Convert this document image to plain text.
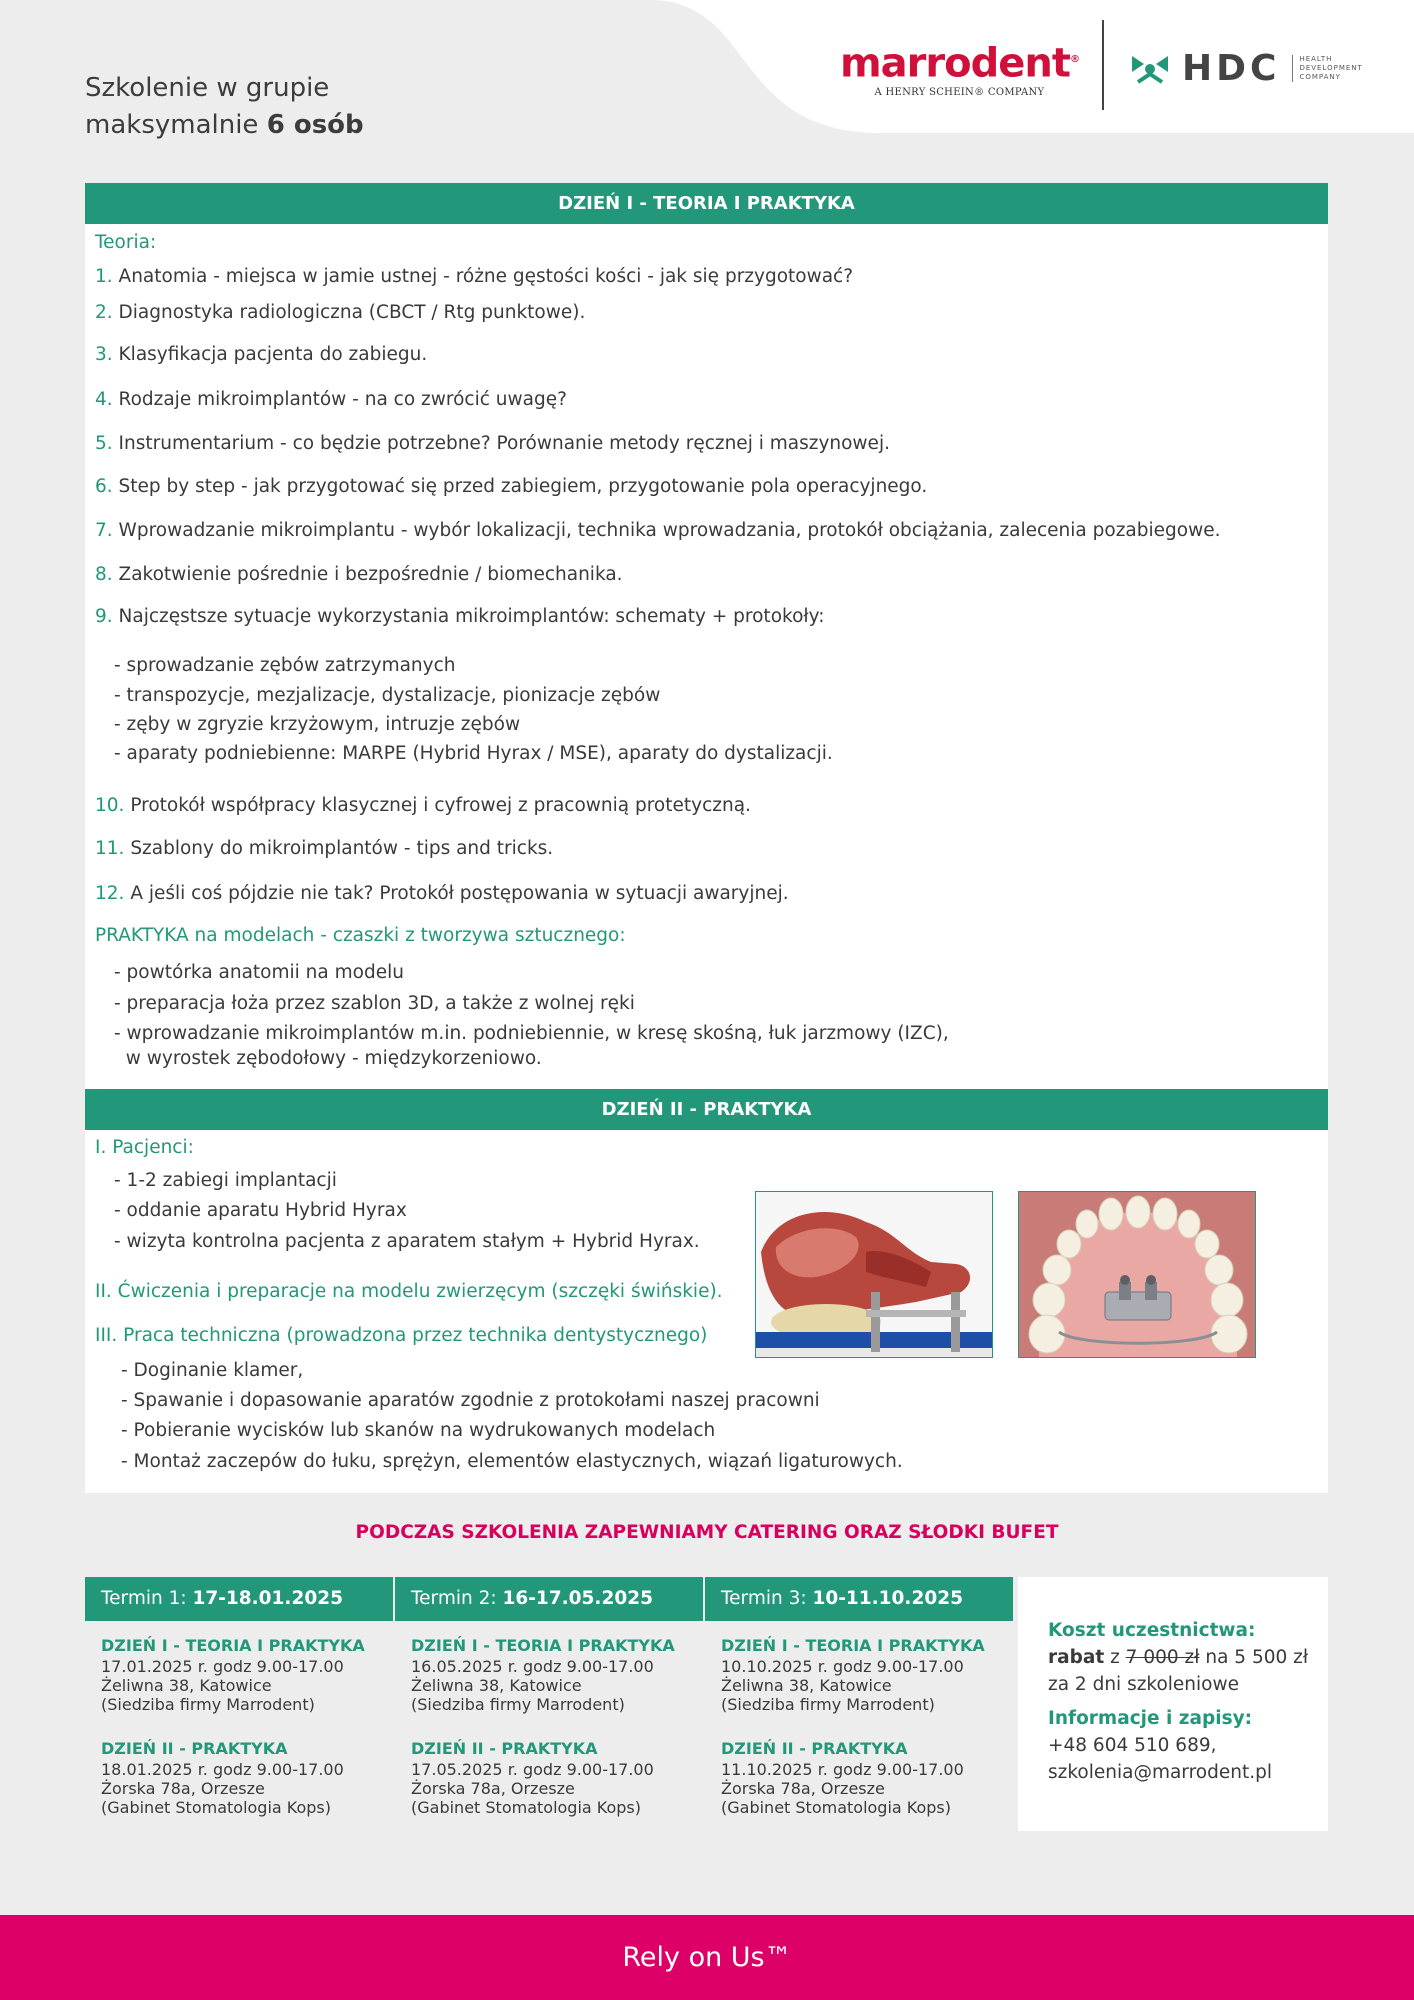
Szkolenie w grupie
maksymalnie 6 osób
marrodent®
A HENRY SCHEIN® COMPANY
HDC	HEALTH
DEVELOPMENT
COMPANY
DZIEŃ I - TEORIA I PRAKTYKA
Teoria:
1. Anatomia - miejsca w jamie ustnej - różne gęstości kości - jak się przygotować?
2. Diagnostyka radiologiczna (CBCT / Rtg punktowe).
3. Klasyfikacja pacjenta do zabiegu.
4. Rodzaje mikroimplantów - na co zwrócić uwagę?
5. Instrumentarium - co będzie potrzebne? Porównanie metody ręcznej i maszynowej.
6. Step by step - jak przygotować się przed zabiegiem, przygotowanie pola operacyjnego.
7. Wprowadzanie mikroimplantu - wybór lokalizacji, technika wprowadzania, protokół obciążania, zalecenia pozabiegowe.
8. Zakotwienie pośrednie i bezpośrednie / biomechanika.
9. Najczęstsze sytuacje wykorzystania mikroimplantów: schematy + protokoły:
- sprowadzanie zębów zatrzymanych
- transpozycje, mezjalizacje, dystalizacje, pionizacje zębów
- zęby w zgryzie krzyżowym, intruzje zębów
- aparaty podniebienne: MARPE (Hybrid Hyrax / MSE), aparaty do dystalizacji.
10. Protokół współpracy klasycznej i cyfrowej z pracownią protetyczną.
11. Szablony do mikroimplantów - tips and tricks.
12. A jeśli coś pójdzie nie tak? Protokół postępowania w sytuacji awaryjnej.
PRAKTYKA na modelach - czaszki z tworzywa sztucznego:
- powtórka anatomii na modelu
- preparacja łoża przez szablon 3D, a także z wolnej ręki
- wprowadzanie mikroimplantów m.in. podniebiennie, w kresę skośną, łuk jarzmowy (IZC),
w wyrostek zębodołowy - międzykorzeniowo.
DZIEŃ II - PRAKTYKA
I. Pacjenci:
- 1-2 zabiegi implantacji
- oddanie aparatu Hybrid Hyrax
- wizyta kontrolna pacjenta z aparatem stałym + Hybrid Hyrax.
II. Ćwiczenia i preparacje na modelu zwierzęcym (szczęki świńskie).
III. Praca techniczna (prowadzona przez technika dentystycznego)
- Doginanie klamer,
- Spawanie i dopasowanie aparatów zgodnie z protokołami naszej pracowni
- Pobieranie wycisków lub skanów na wydrukowanych modelach
- Montaż zaczepów do łuku, sprężyn, elementów elastycznych, wiązań ligaturowych.
PODCZAS SZKOLENIA ZAPEWNIAMY CATERING ORAZ SŁODKI BUFET
Termin 1: 17-18.01.2025
DZIEŃ I - TEORIA I PRAKTYKA
17.01.2025 r. godz 9.00-17.00
Żeliwna 38, Katowice
(Siedziba firmy Marrodent)
DZIEŃ II - PRAKTYKA
18.01.2025 r. godz 9.00-17.00
Żorska 78a, Orzesze
(Gabinet Stomatologia Kops)
Termin 2: 16-17.05.2025
DZIEŃ I - TEORIA I PRAKTYKA
16.05.2025 r. godz 9.00-17.00
Żeliwna 38, Katowice
(Siedziba firmy Marrodent)
DZIEŃ II - PRAKTYKA
17.05.2025 r. godz 9.00-17.00
Żorska 78a, Orzesze
(Gabinet Stomatologia Kops)
Termin 3: 10-11.10.2025
DZIEŃ I - TEORIA I PRAKTYKA
10.10.2025 r. godz 9.00-17.00
Żeliwna 38, Katowice
(Siedziba firmy Marrodent)
DZIEŃ II - PRAKTYKA
11.10.2025 r. godz 9.00-17.00
Żorska 78a, Orzesze
(Gabinet Stomatologia Kops)
Koszt uczestnictwa:
rabat z 7 000 zł na 5 500 zł
za 2 dni szkoleniowe
Informacje i zapisy:
+48 604 510 689,
szkolenia@marrodent.pl
Rely on Us™
